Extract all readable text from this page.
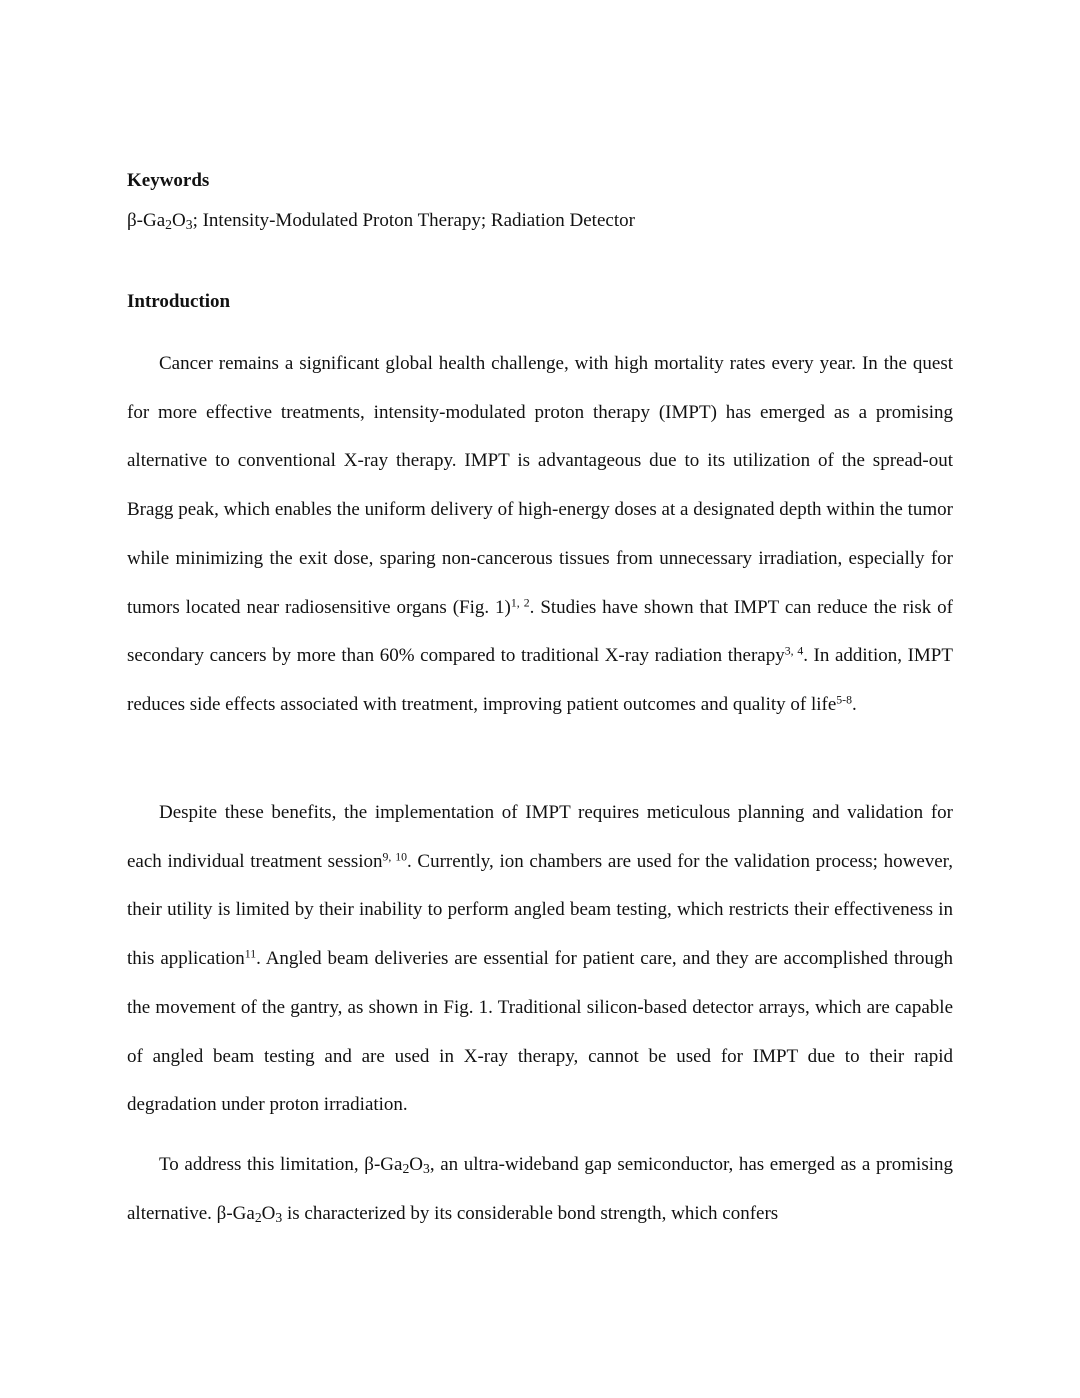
Keywords
$\beta-Ga_2O_3$; Intensity-Modulated Proton Therapy; Radiation Detector
Introduction

Cancer remains a significant global health challenge, with high mortality rates every year. In the quest for more effective treatments, intensity-modulated proton therapy (IMPT) has emerged as a promising alternative to conventional X-ray therapy. IMPT is advantageous due to its utilization of the spread-out Bragg peak, which enables the uniform delivery of high-energy doses at a designated depth within the tumor while minimizing the exit dose, sparing non-cancerous tissues from unnecessary irradiation, especially for tumors located near radiosensitive organs (Fig. 1)$^{1, 2}$. Studies have shown that IMPT can reduce the risk of secondary cancers by more than 60% compared to traditional X-ray radiation therapy$^{3, 4}$. In addition, IMPT reduces side effects associated with treatment, improving patient outcomes and quality of life$^{5-8}$.

Despite these benefits, the implementation of IMPT requires meticulous planning and validation for each individual treatment session$^{9, 10}$. Currently, ion chambers are used for the validation process; however, their utility is limited by their inability to perform angled beam testing, which restricts their effectiveness in this application$^{11}$. Angled beam deliveries are essential for patient care, and they are accomplished through the movement of the gantry, as shown in Fig. 1. Traditional silicon-based detector arrays, which are capable of angled beam testing and are used in X-ray therapy, cannot be used for IMPT due to their rapid degradation under proton irradiation.

To address this limitation, $\beta-Ga_2O_3$, an ultra-wideband gap semiconductor, has emerged as a promising alternative. $\beta-Ga_2O_3$ is characterized by its considerable bond strength, which confers
